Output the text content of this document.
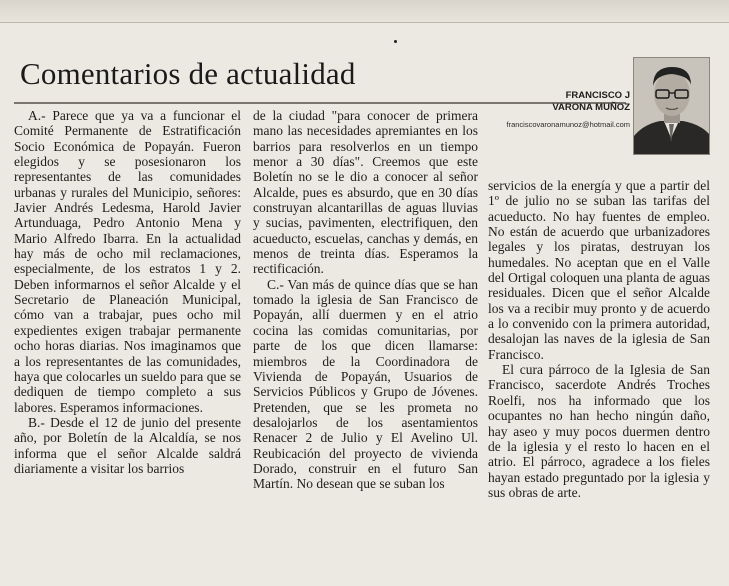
Comentarios de actualidad
FRANCISCO J
VARONA MUÑOZ
franciscovaronamunoz@hotmail.com

A.- Parece que ya va a funcionar el Comité Permanente de Estratificación Socio Económica de Popayán. Fueron elegidos y se posesionaron los representantes de las comunidades urbanas y rurales del Municipio, señores: Javier Andrés Ledesma, Harold Javier Artunduaga, Pedro Antonio Mena y Mario Alfredo Ibarra. En la actualidad hay más de ocho mil reclamaciones, especialmente, de los estratos 1 y 2. Deben informarnos el señor Alcalde y el Secretario de Planeación Municipal, cómo van a trabajar, pues ocho mil expedientes exigen trabajar permanente ocho horas diarias. Nos imaginamos que a los representantes de las comunidades, haya que colocarles un sueldo para que se dediquen de tiempo completo a sus labores. Esperamos informaciones.

B.- Desde el 12 de junio del presente año, por Boletín de la Alcaldía, se nos informa que el señor Alcalde saldrá diariamente a visitar los barrios

de la ciudad "para conocer de primera mano las necesidades apremiantes en los barrios para resolverlos en un tiempo menor a 30 días". Creemos que este Boletín no se le dio a conocer al señor Alcalde, pues es absurdo, que en 30 días construyan alcantarillas de aguas lluvias y sucias, pavimenten, electrifiquen, den acueducto, escuelas, canchas y demás, en menos de treinta días. Esperamos la rectificación.

C.- Van más de quince días que se han tomado la iglesia de San Francisco de Popayán, allí duermen y en el atrio cocina las comidas comunitarias, por parte de los que dicen llamarse: miembros de la Coordinadora de Vivienda de Popayán, Usuarios de Servicios Públicos y Grupo de Jóvenes. Pretenden, que se les prometa no desalojarlos de los asentamientos Renacer 2 de Julio y El Avelino Ul. Reubicación del proyecto de vivienda Dorado, construir en el futuro San Martín. No desean que se suban los

servicios de la energía y que a partir del 1º de julio no se suban las tarifas del acueducto. No hay fuentes de empleo. No están de acuerdo que urbanizadores legales y los piratas, destruyan los humedales. No aceptan que en el Valle del Ortigal coloquen una planta de aguas residuales. Dicen que el señor Alcalde los va a recibir muy pronto y de acuerdo a lo convenido con la primera autoridad, desalojan las naves de la iglesia de San Francisco.

El cura párroco de la Iglesia de San Francisco, sacerdote Andrés Troches Roelfi, nos ha informado que los ocupantes no han hecho ningún daño, hay aseo y muy pocos duermen dentro de la iglesia y el resto lo hacen en el atrio. El párroco, agradece a los fieles hayan estado preguntado por la iglesia y sus obras de arte.
